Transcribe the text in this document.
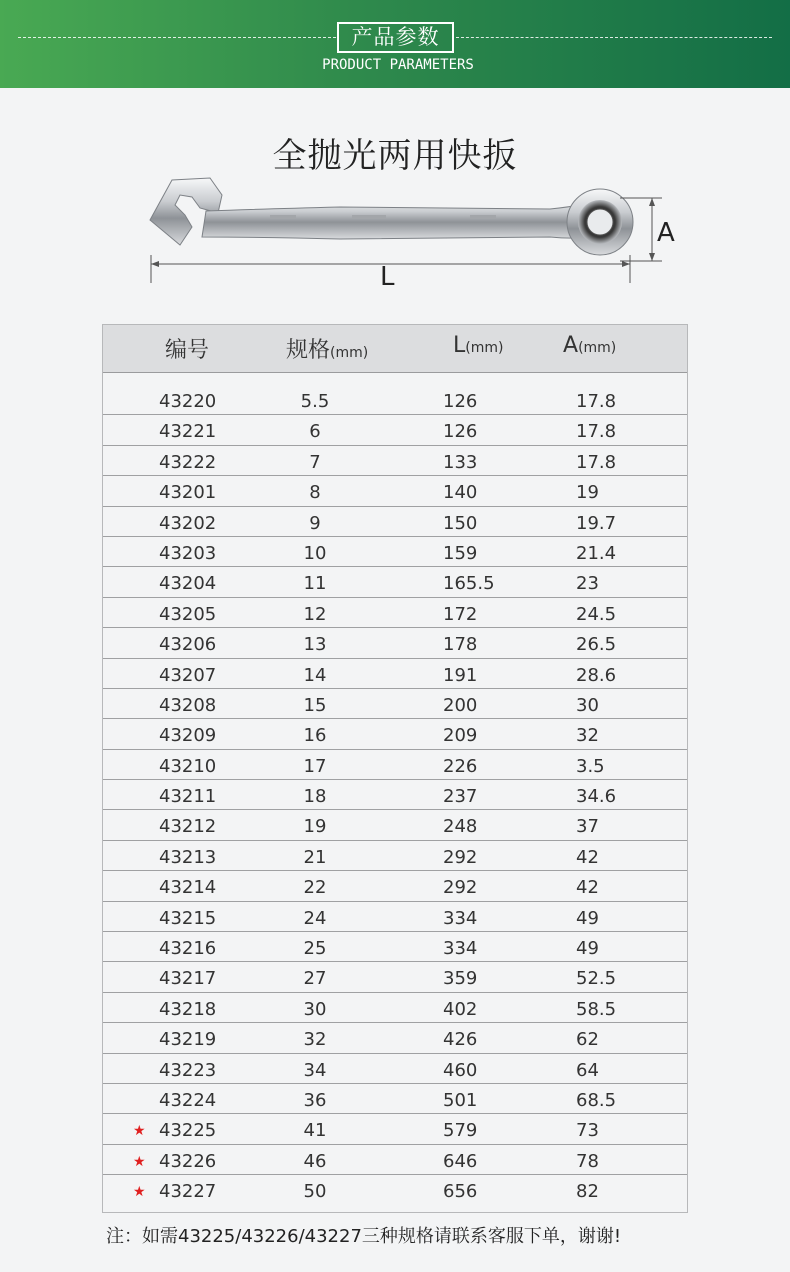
产品参数
PRODUCT PARAMETERS
全抛光两用快扳
L
A
编号	规格(mm)	L(mm)	A(mm)
43220	5.5	126	17.8
43221	6	126	17.8
43222	7	133	17.8
43201	8	140	19
43202	9	150	19.7
43203	10	159	21.4
43204	11	165.5	23
43205	12	172	24.5
43206	13	178	26.5
43207	14	191	28.6
43208	15	200	30
43209	16	209	32
43210	17	226	3.5
43211	18	237	34.6
43212	19	248	37
43213	21	292	42
43214	22	292	42
43215	24	334	49
43216	25	334	49
43217	27	359	52.5
43218	30	402	58.5
43219	32	426	62
43223	34	460	64
43224	36	501	68.5
★ 43225	41	579	73
★ 43226	46	646	78
★ 43227	50	656	82
注：如需43225/43226/43227三种规格请联系客服下单，谢谢!
